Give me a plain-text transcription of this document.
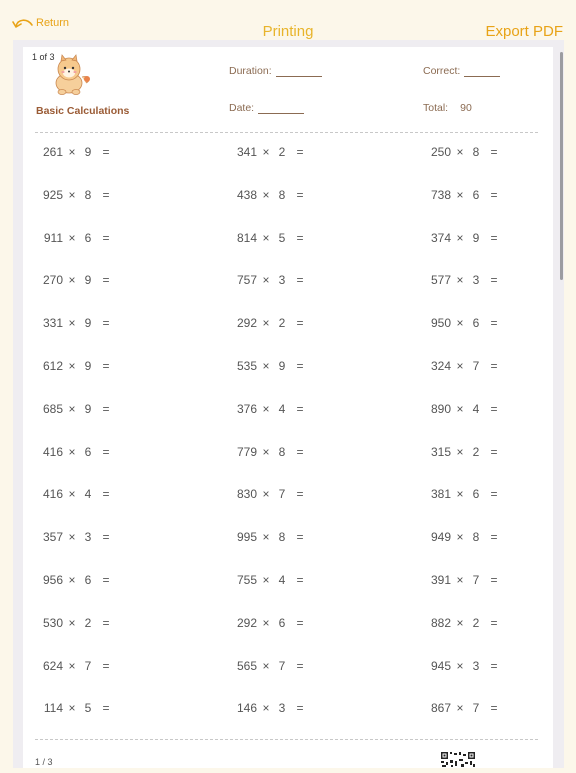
Return	Printing	Export PDF
1 of 3
Basic Calculations
Duration:	Correct:
Date:	Total: 90
261 × 9 =	341 × 2 =	250 × 8 =
925 × 8 =	438 × 8 =	738 × 6 =
911 × 6 =	814 × 5 =	374 × 9 =
270 × 9 =	757 × 3 =	577 × 3 =
331 × 9 =	292 × 2 =	950 × 6 =
612 × 9 =	535 × 9 =	324 × 7 =
685 × 9 =	376 × 4 =	890 × 4 =
416 × 6 =	779 × 8 =	315 × 2 =
416 × 4 =	830 × 7 =	381 × 6 =
357 × 3 =	995 × 8 =	949 × 8 =
956 × 6 =	755 × 4 =	391 × 7 =
530 × 2 =	292 × 6 =	882 × 2 =
624 × 7 =	565 × 7 =	945 × 3 =
114 × 5 =	146 × 3 =	867 × 7 =
1 / 3
